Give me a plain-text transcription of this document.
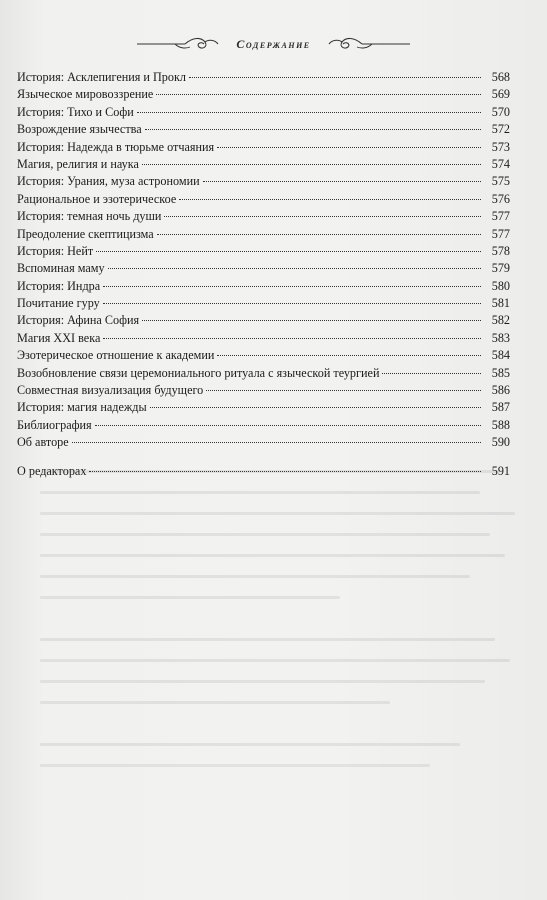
Содержание
История: Асклепигения и Прокл	568
Языческое мировоззрение	569
История: Тихо и Софи	570
Возрождение язычества	572
История: Надежда в тюрьме отчаяния	573
Магия, религия и наука	574
История: Урания, муза астрономии	575
Рациональное и эзотерическое	576
История: темная ночь души	577
Преодоление скептицизма	577
История: Нейт	578
Вспоминая маму	579
История: Индра	580
Почитание гуру	581
История: Афина София	582
Магия XXI века	583
Эзотерическое отношение к академии	584
Возобновление связи церемониального ритуала с языческой теургией	585
Совместная визуализация будущего	586
История: магия надежды	587
Библиография	588
Об авторе	590
О редакторах	591
